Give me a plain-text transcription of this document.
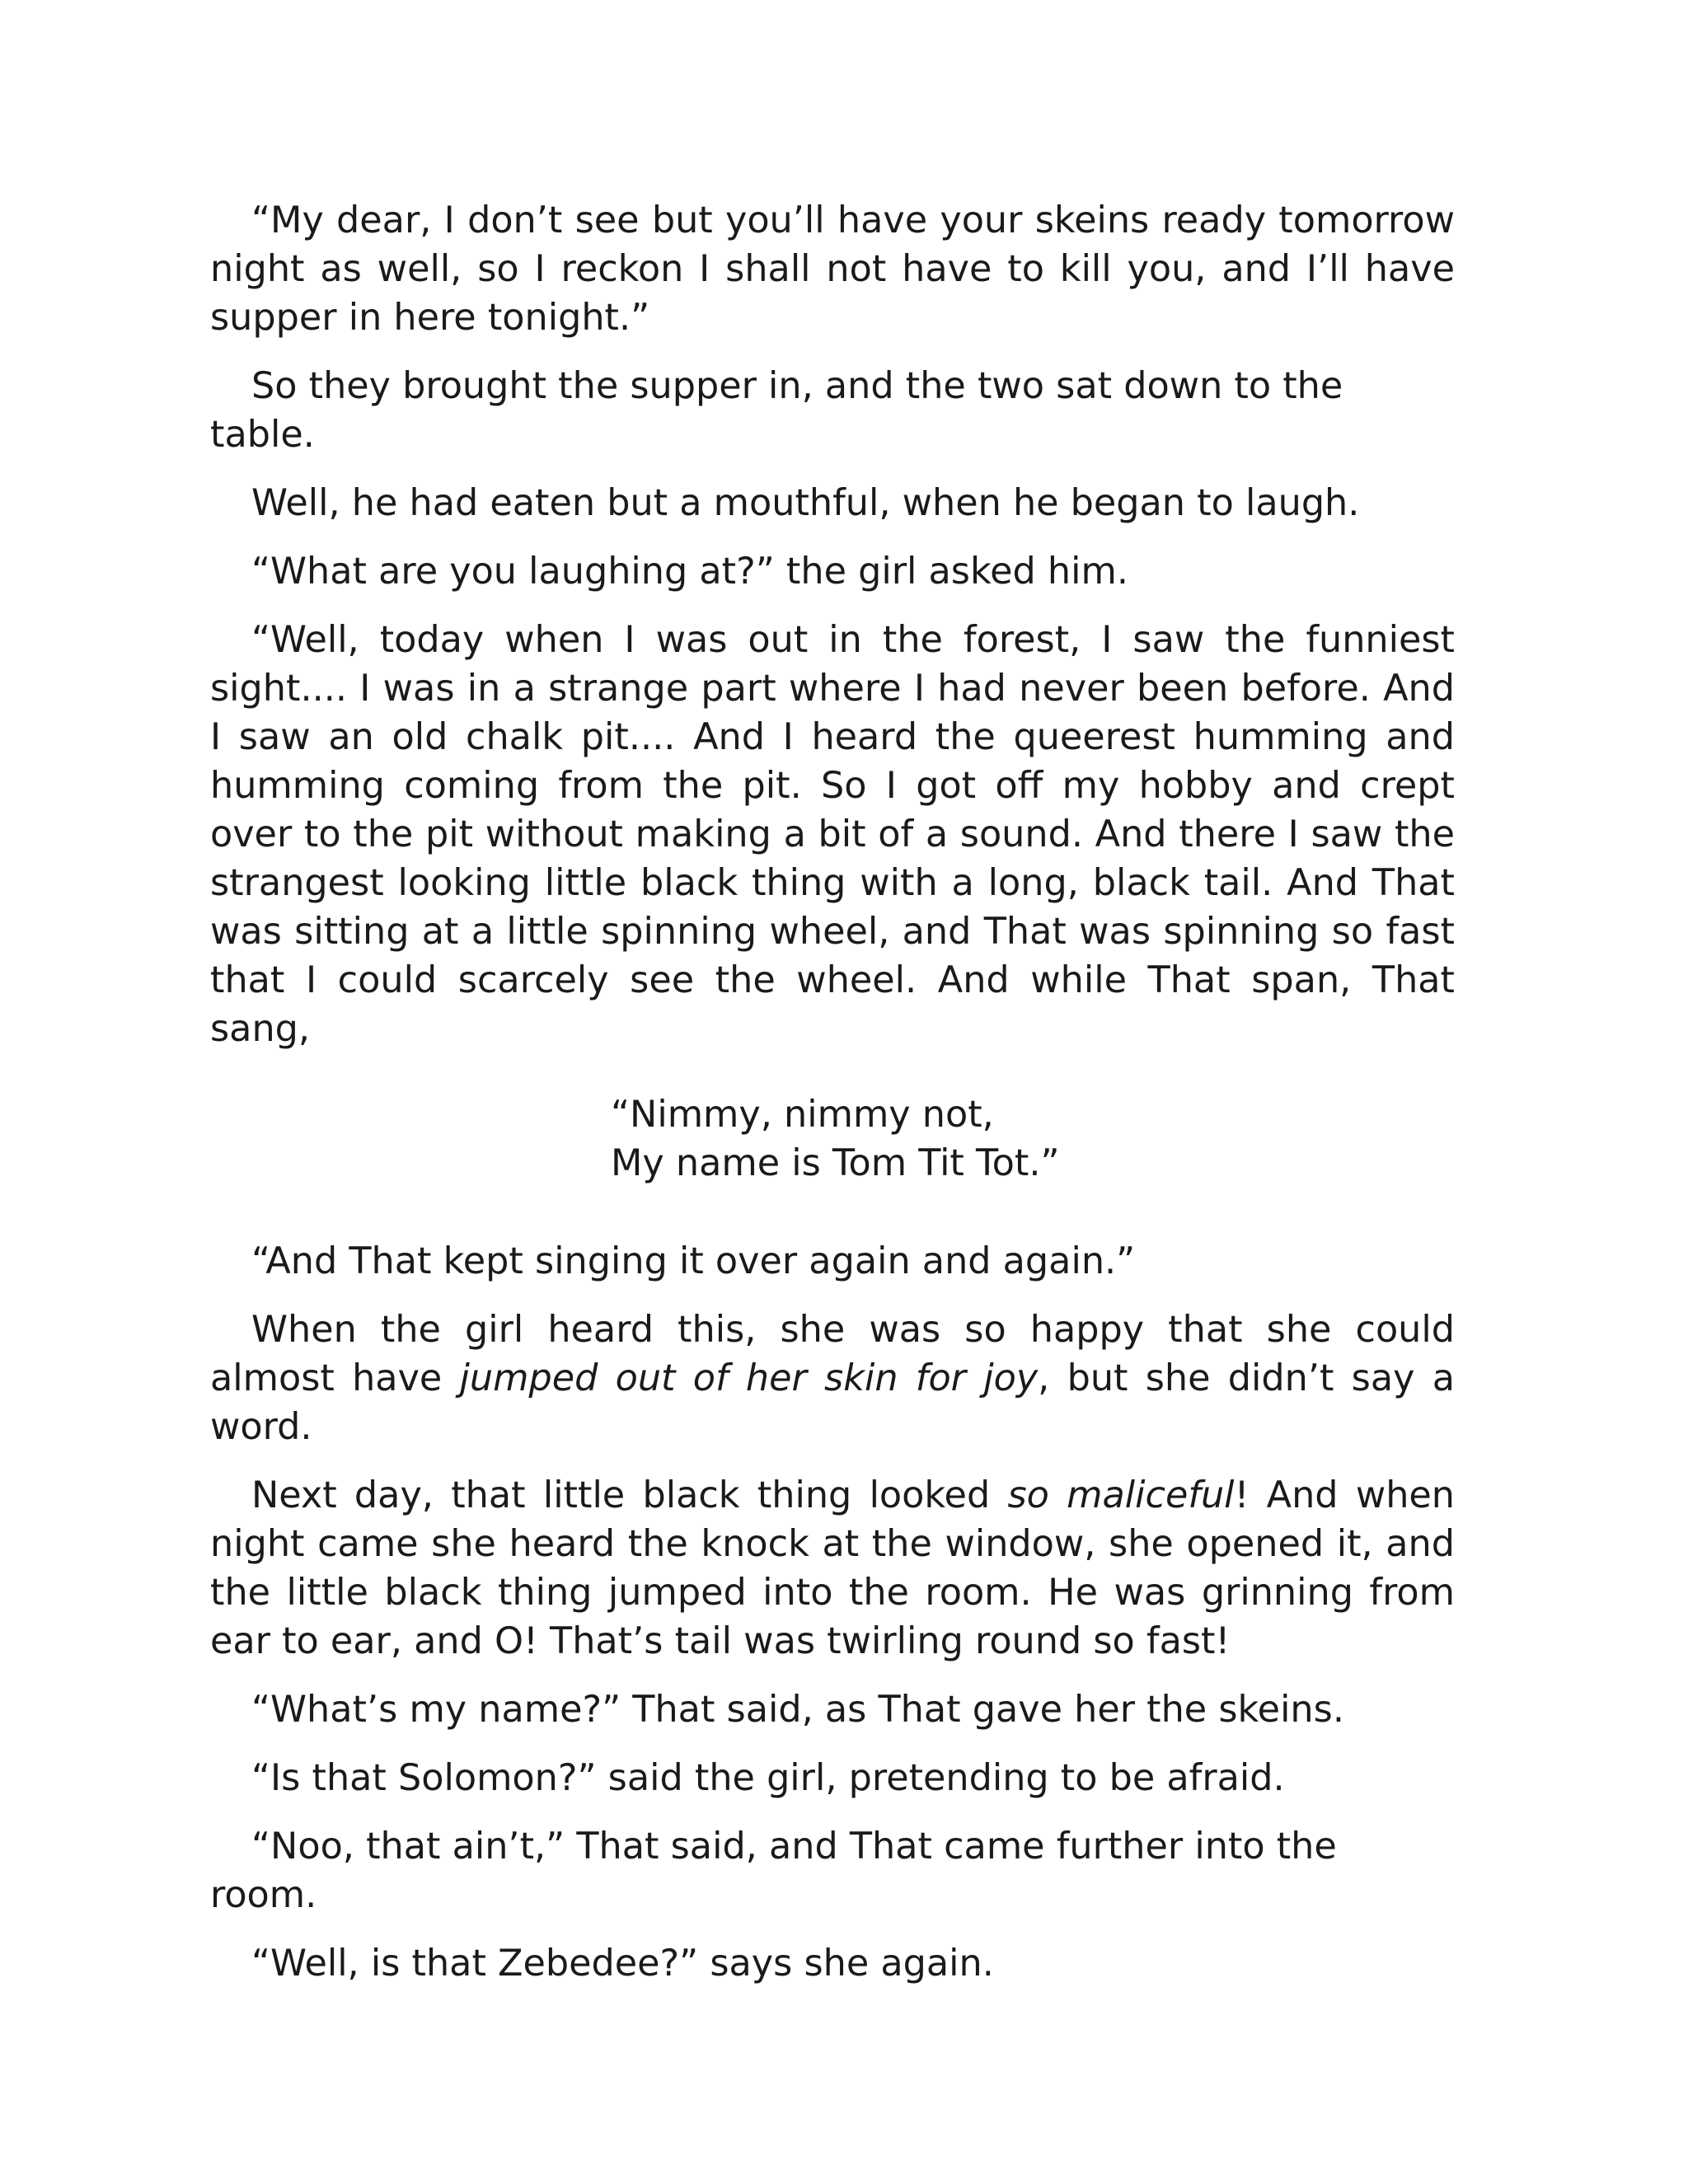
“My dear, I don’t see but you’ll have your skeins ready tomorrow night as well, so I reckon I shall not have to kill you, and I’ll have supper in here tonight.”

So they brought the supper in, and the two sat down to the table.

Well, he had eaten but a mouthful, when he began to laugh.

“What are you laughing at?” the girl asked him.

“Well, today when I was out in the forest, I saw the funniest sight.... I was in a strange part where I had never been before. And I saw an old chalk pit.... And I heard the queerest humming and humming coming from the pit. So I got off my hobby and crept over to the pit without making a bit of a sound. And there I saw the strangest looking little black thing with a long, black tail. And That was sitting at a little spinning wheel, and That was spinning so fast that I could scarcely see the wheel. And while That span, That sang,

“Nimmy, nimmy not,
My name is Tom Tit Tot.”

“And That kept singing it over again and again.”

When the girl heard this, she was so happy that she could almost have jumped out of her skin for joy, but she didn’t say a word.

Next day, that little black thing looked so maliceful! And when night came she heard the knock at the window, she opened it, and the little black thing jumped into the room. He was grinning from ear to ear, and O! That’s tail was twirling round so fast!

“What’s my name?” That said, as That gave her the skeins.

“Is that Solomon?” said the girl, pretending to be afraid.

“Noo, that ain’t,” That said, and That came further into the room.

“Well, is that Zebedee?” says she again.
